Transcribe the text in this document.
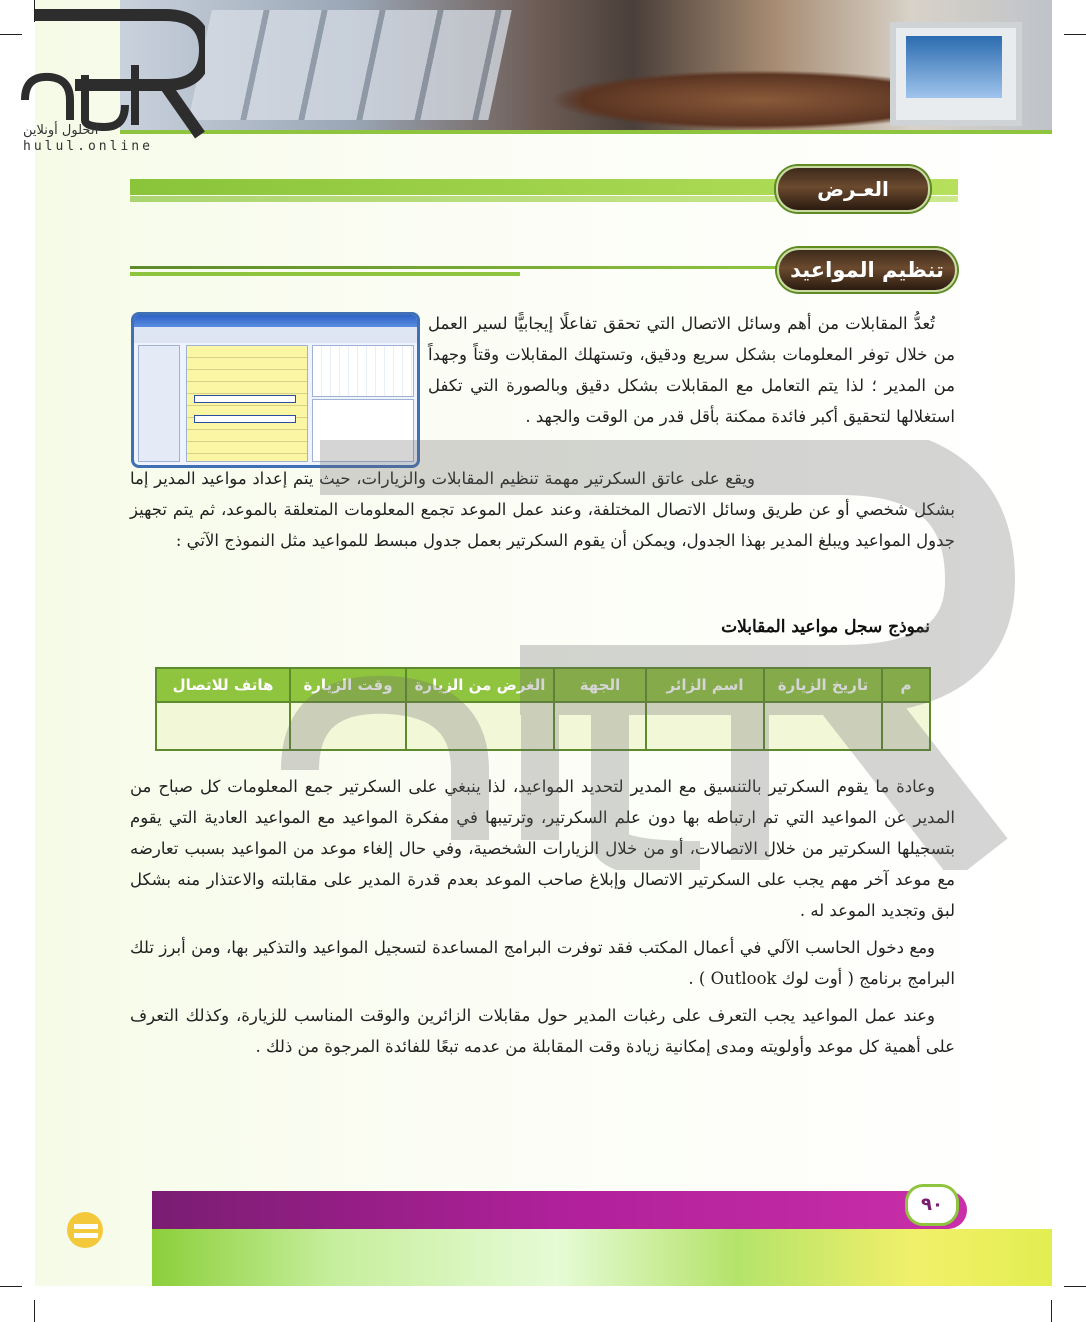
الحلول أونلاين
hulul.online
العـرض
تنظيم المواعيد

تُعدُّ المقابلات من أهم وسائل الاتصال التي تحقق تفاعلًا إيجابيًّا لسير العمل من خلال توفر المعلومات بشكل سريع ودقيق، وتستهلك المقابلات وقتاً وجهداً من المدير ؛ لذا يتم التعامل مع المقابلات بشكل دقيق وبالصورة التي تكفل استغلالها لتحقيق أكبر فائدة ممكنة بأقل قدر من الوقت والجهد .

ويقع على عاتق السكرتير مهمة تنظيم المقابلات والزيارات، حيث يتم إعداد مواعيد المدير إما بشكل شخصي أو عن طريق وسائل الاتصال المختلفة، وعند عمل الموعد تجمع المعلومات المتعلقة بالموعد، ثم يتم تجهيز جدول المواعيد ويبلغ المدير بهذا الجدول، ويمكن أن يقوم السكرتير بعمل جدول مبسط للمواعيد مثل النموذج الآتي :

نموذج سجل مواعيد المقابلات
م	تاريخ الزيارة	اسم الزائر	الجهة	الغرض من الزيارة	وقت الزيارة	هاتف للاتصال

وعادة ما يقوم السكرتير بالتنسيق مع المدير لتحديد المواعيد، لذا ينبغي على السكرتير جمع المعلومات كل صباح من المدير عن المواعيد التي تم ارتباطه بها دون علم السكرتير، وترتيبها في مفكرة المواعيد مع المواعيد العادية التي يقوم بتسجيلها السكرتير من خلال الاتصالات، أو من خلال الزيارات الشخصية، وفي حال إلغاء موعد من المواعيد بسبب تعارضه مع موعد آخر مهم يجب على السكرتير الاتصال وإبلاغ صاحب الموعد بعدم قدرة المدير على مقابلته والاعتذار منه بشكل لبق وتجديد الموعد له .

ومع دخول الحاسب الآلي في أعمال المكتب فقد توفرت البرامج المساعدة لتسجيل المواعيد والتذكير بها، ومن أبرز تلك البرامج برنامج ( أوت لوك Outlook ) .

وعند عمل المواعيد يجب التعرف على رغبات المدير حول مقابلات الزائرين والوقت المناسب للزيارة، وكذلك التعرف على أهمية كل موعد وأولويته ومدى إمكانية زيادة وقت المقابلة من عدمه تبعًا للفائدة المرجوة من ذلك .

٩٠
